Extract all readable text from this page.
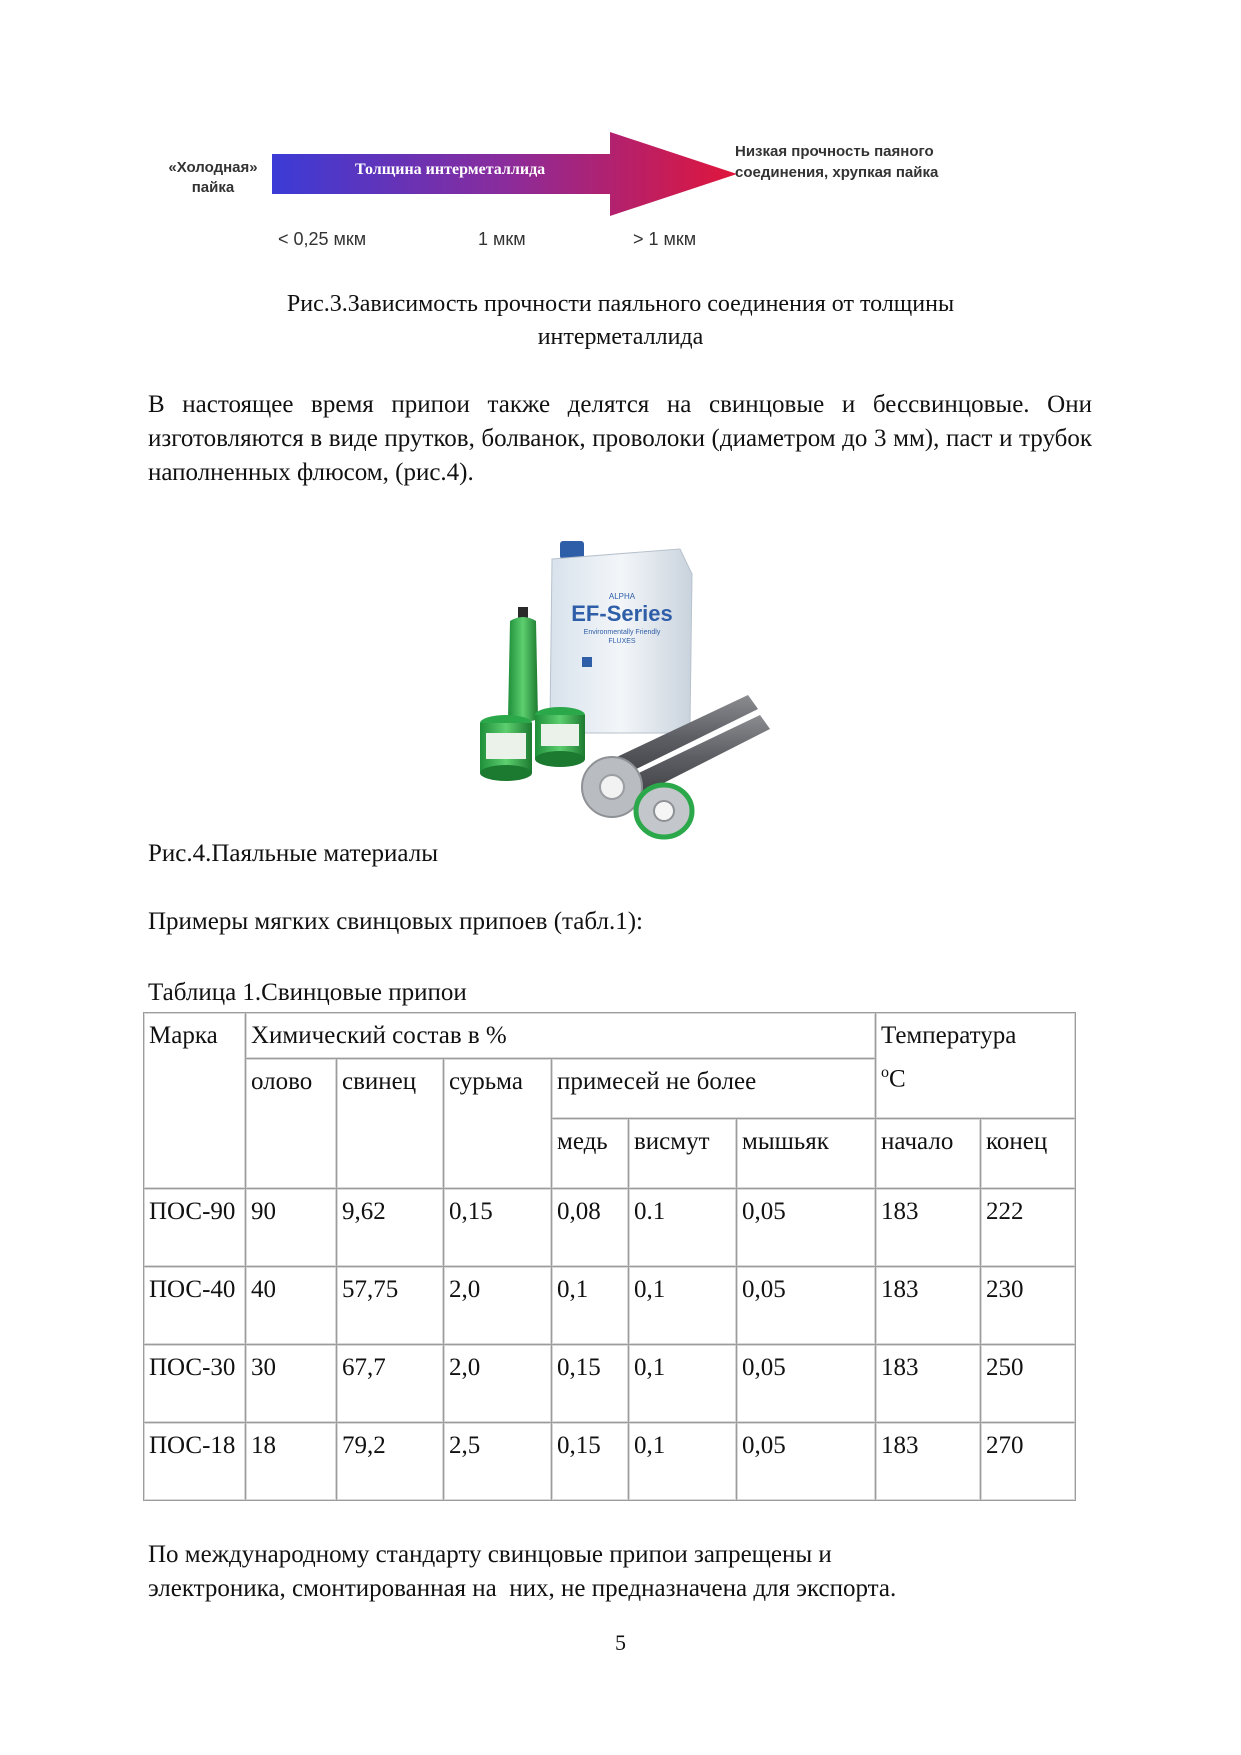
«Холодная» пайка
Толщина интерметаллида
Низкая прочность паяного соединения, хрупкая пайка
< 0,25 мкм	1 мкм	> 1 мкм
Рис.3.Зависимость прочности паяльного соединения от толщины
интерметаллида
В настоящее время припои также делятся на свинцовые и бессвинцовые. Они изготовляются в виде прутков, болванок, проволоки (диаметром до 3 мм), паст и трубок наполненных флюсом, (рис.4).
ALPHA
EF-Series
Environmentally Friendly
FLUXES
Рис.4.Паяльные материалы
Примеры мягких свинцовых припоев (табл.1):
Таблица 1.Свинцовые припои
Марка	Химический состав в %						Температура
$^o$C	
	олово	свинец	сурьма	примесей не более				
				медь	висмут	мышьяк	начало	конец
ПОС-90	90	9,62	0,15	0,08	0.1	0,05	183	222
ПОС-40	40	57,75	2,0	0,1	0,1	0,05	183	230
ПОС-30	30	67,7	2,0	0,15	0,1	0,05	183	250
ПОС-18	18	79,2	2,5	0,15	0,1	0,05	183	270
По международному стандарту свинцовые припои запрещены и
электроника, смонтированная на  них, не предназначена для экспорта.
5
